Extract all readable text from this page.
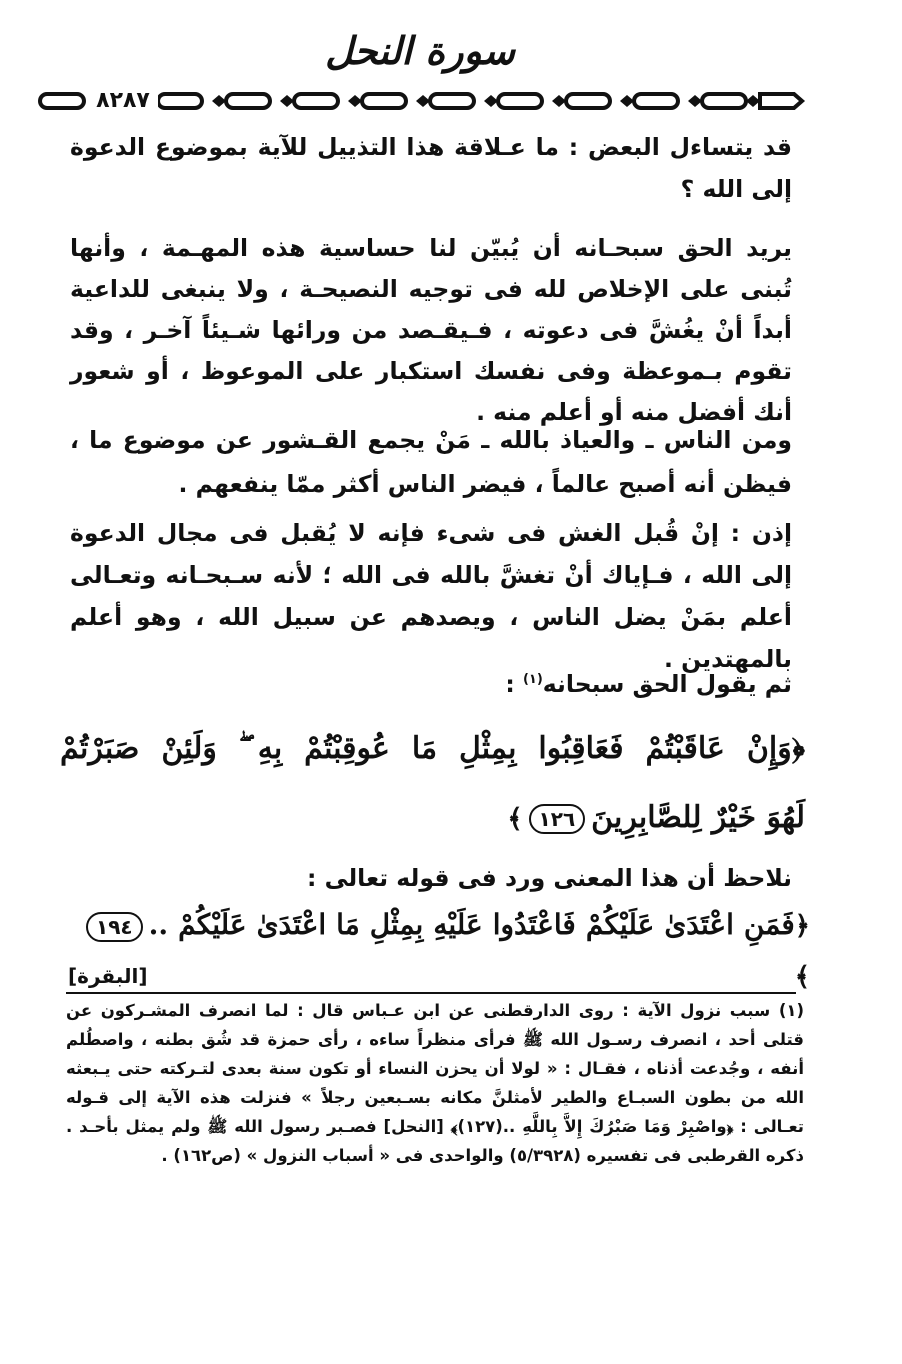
سورة النحل
٨٢٨٧

قد يتساءل البعض : ما عـلاقة هذا التذييل للآية بموضوع الدعوة إلى الله ؟

يريد الحق سبحـانه أن يُبيّن لنا حساسية هذه المهـمة ، وأنها تُبنى على الإخلاص لله فى توجيه النصيحـة ، ولا ينبغى للداعية أبداً أنْ يغُشَّ فى دعوته ، فـيقـصد من ورائها شـيئاً آخـر ، وقد تقوم بـموعظة وفى نفسك استكبار على الموعوظ ، أو شعور أنك أفضل منه أو أعلم منه .

ومن الناس ـ والعياذ بالله ـ مَنْ يجمع القـشور عن موضوع ما ، فيظن أنه أصبح عالماً ، فيضر الناس أكثر ممّا ينفعهم .

إذن : إنْ قُبل الغش فى شىء فإنه لا يُقبل فى مجال الدعوة إلى الله ، فـإياك أنْ تغشَّ بالله فى الله ؛ لأنه سـبحـانه وتعـالى أعلم بمَنْ يضل الناس ، ويصدهم عن سبيل الله ، وهو أعلم بالمهتدين .

ثم يقول الحق سبحانه$^{(١)}$ :

﴿وَإِنْ عَاقَبْتُمْ فَعَاقِبُوا بِمِثْلِ مَا عُوقِبْتُمْ بِهِ ۖ وَلَئِنْ صَبَرْتُمْ

لَهُوَ خَيْرٌ لِلصَّابِرِينَ١٢٦﴾

نلاحظ أن هذا المعنى ورد فى قوله تعالى :

﴿فَمَنِ اعْتَدَىٰ عَلَيْكُمْ فَاعْتَدُوا عَلَيْهِ بِمِثْلِ مَا اعْتَدَىٰ عَلَيْكُمْ ..١٩٤﴾

[البقرة]

(١) سبب نزول الآية : روى الدارقطنى عن ابن عـباس قال : لما انصرف المشـركون عن قتلى أحد ، انصرف رسـول الله ﷺ فرأى منظراً ساءه ، رأى حمزة قد شُق بطنه ، واصطُلم أنفه ، وجُدعت أذناه ، فقـال : « لولا أن يحزن النساء أو تكون سنة بعدى لتـركته حتى يـبعثه الله من بطون السبـاع والطير لأمثلنَّ مكانه بسـبعين رجلاً » فنزلت هذه الآية إلى قـوله تعـالى : ﴿واصْبِرْ وَمَا صَبْرُكَ إِلاَّ بِاللَّهِ ..(١٢٧)﴾ [النحل] فصـبر رسول الله ﷺ ولم يمثل بأحـد . ذكره القرطبى فى تفسيره (٥/٣٩٢٨) والواحدى فى « أسباب النزول » (ص١٦٢) .
